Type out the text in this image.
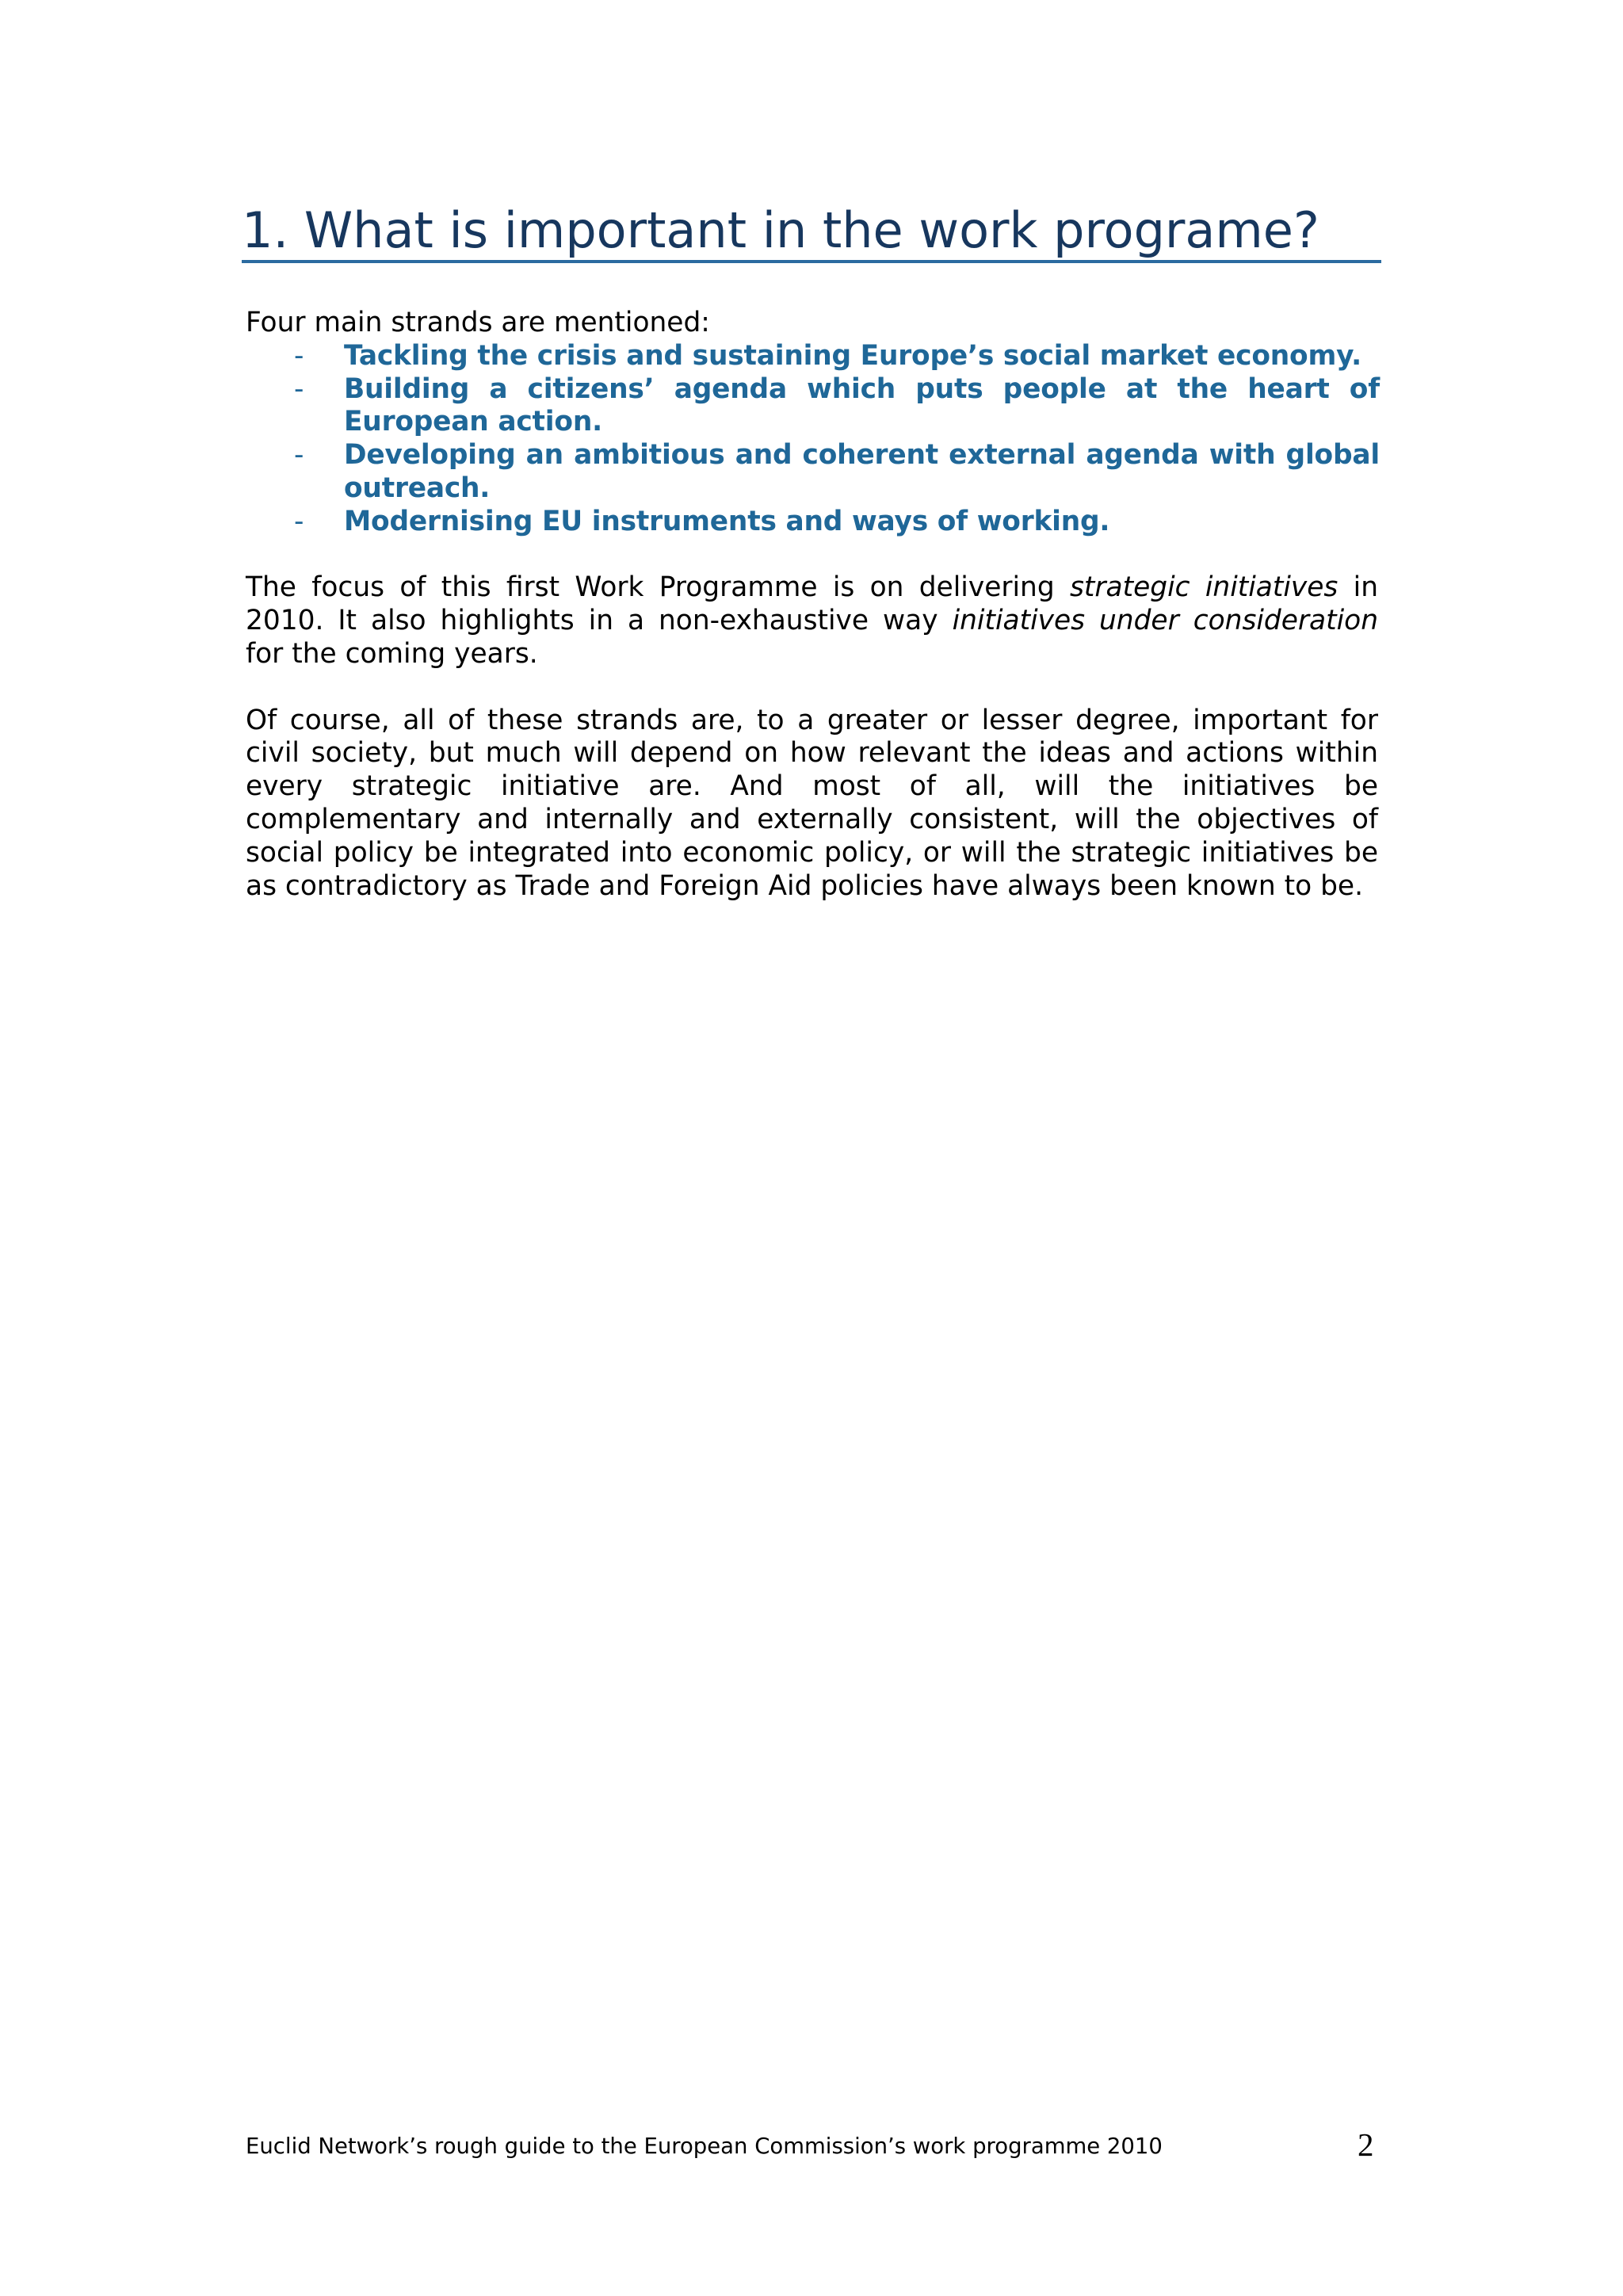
1. What is important in the work programe?
Four main strands are mentioned:
-	Tackling the crisis and sustaining Europe’s social market economy.
-	Building a citizens’ agenda which puts people at the heart of
European action.
-	Developing an ambitious and coherent external agenda with global
outreach.
-	Modernising EU instruments and ways of working.
The focus of this first Work Programme is on delivering strategic initiatives in
2010. It also highlights in a non-exhaustive way initiatives under consideration
for the coming years.
Of course, all of these strands are, to a greater or lesser degree, important for
civil society, but much will depend on how relevant the ideas and actions within
every strategic initiative are. And most of all, will the initiatives be
complementary and internally and externally consistent, will the objectives of
social policy be integrated into economic policy, or will the strategic initiatives be
as contradictory as Trade and Foreign Aid policies have always been known to be.
Euclid Network’s rough guide to the European Commission’s work programme 2010	2
